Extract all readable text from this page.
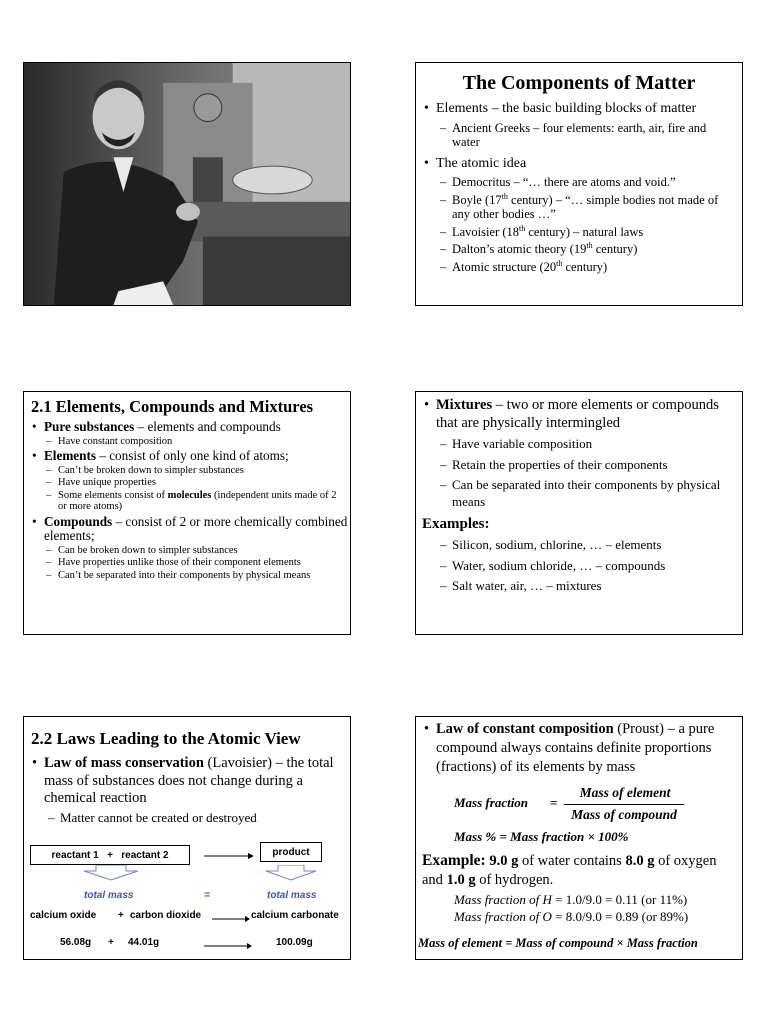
The Components of Matter
• Elements – the basic building blocks of matter
– Ancient Greeks – four elements: earth, air, fire and water
• The atomic idea
– Democritus – “… there are atoms and void.”
– Boyle (17th century) – “… simple bodies not made of any other bodies …”
– Lavoisier (18th century) – natural laws
– Dalton’s atomic theory (19th century)
– Atomic structure (20th century)
2.1 Elements, Compounds and Mixtures
• Pure substances – elements and compounds
– Have constant composition
• Elements – consist of only one kind of atoms;
– Can’t be broken down to simpler substances
– Have unique properties
– Some elements consist of molecules (independent units made of 2 or more atoms)
• Compounds – consist of 2 or more chemically combined elements;
– Can be broken down to simpler substances
– Have properties unlike those of their component elements
– Can’t be separated into their components by physical means
• Mixtures – two or more elements or compounds that are physically intermingled
– Have variable composition
– Retain the properties of their components
– Can be separated into their components by physical means
Examples:
– Silicon, sodium, chlorine, … – elements
– Water, sodium chloride, … – compounds
– Salt water, air, … – mixtures
2.2 Laws Leading to the Atomic View
• Law of mass conservation (Lavoisier) – the total mass of substances does not change during a chemical reaction
– Matter cannot be created or destroyed
reactant 1 + reactant 2	→	product
total mass	=	total mass
calcium oxide + carbon dioxide → calcium carbonate
56.08g + 44.01g	→ 100.09g
• Law of constant composition (Proust) – a pure compound always contains definite proportions (fractions) of its elements by mass
Mass fraction =
Mass of element
Mass of compound
Mass % = Mass fraction × 100%
Example: 9.0 g of water contains 8.0 g of oxygen and 1.0 g of hydrogen.
Mass fraction of H = 1.0/9.0 = 0.11 (or 11%)
Mass fraction of O = 8.0/9.0 = 0.89 (or 89%)
Mass of element = Mass of compound × Mass fraction
